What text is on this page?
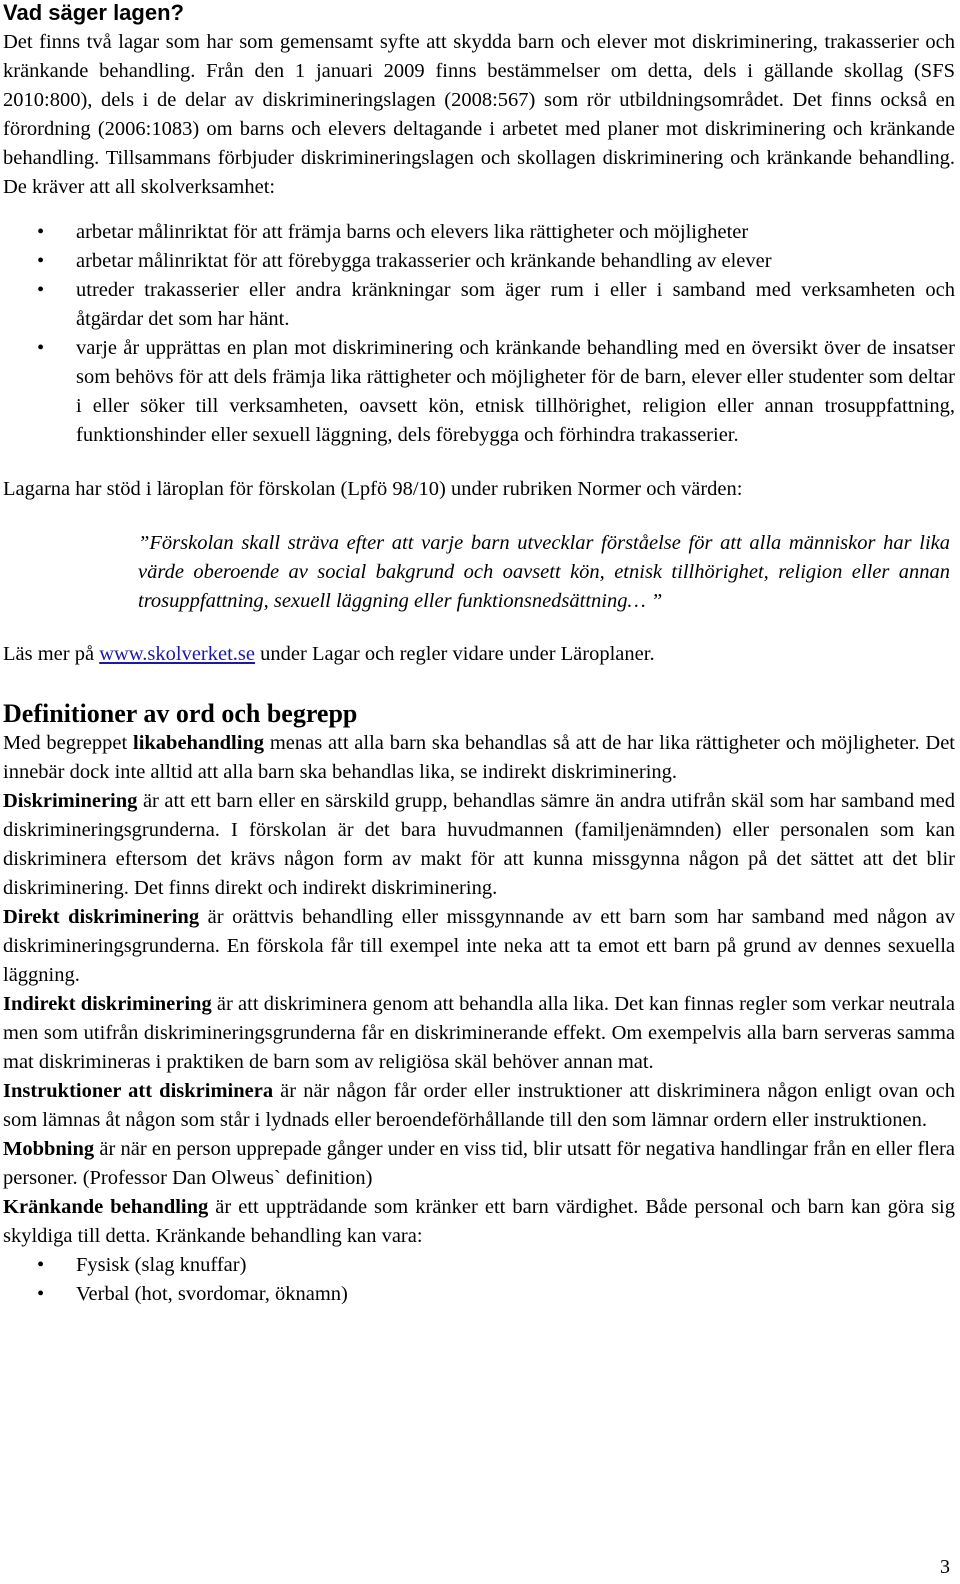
Vad säger lagen?

Det finns två lagar som har som gemensamt syfte att skydda barn och elever mot diskriminering, trakasserier och kränkande behandling. Från den 1 januari 2009 finns bestämmelser om detta, dels i gällande skollag (SFS 2010:800), dels i de delar av diskrimineringslagen (2008:567) som rör utbildningsområdet. Det finns också en förordning (2006:1083) om barns och elevers deltagande i arbetet med planer mot diskriminering och kränkande behandling. Tillsammans förbjuder diskrimineringslagen och skollagen diskriminering och kränkande behandling. De kräver att all skolverksamhet:

• arbetar målinriktat för att främja barns och elevers lika rättigheter och möjligheter
• arbetar målinriktat för att förebygga trakasserier och kränkande behandling av elever
• utreder trakasserier eller andra kränkningar som äger rum i eller i samband med verksamheten och åtgärdar det som har hänt.
• varje år upprättas en plan mot diskriminering och kränkande behandling med en översikt över de insatser som behövs för att dels främja lika rättigheter och möjligheter för de barn, elever eller studenter som deltar i eller söker till verksamheten, oavsett kön, etnisk tillhörighet, religion eller annan trosuppfattning, funktionshinder eller sexuell läggning, dels förebygga och förhindra trakasserier.

Lagarna har stöd i läroplan för förskolan (Lpfö 98/10) under rubriken Normer och värden:

”Förskolan skall sträva efter att varje barn utvecklar förståelse för att alla människor har lika värde oberoende av social bakgrund och oavsett kön, etnisk tillhörighet, religion eller annan trosuppfattning, sexuell läggning eller funktionsnedsättning… ”

Läs mer på www.skolverket.se under Lagar och regler vidare under Läroplaner.

Definitioner av ord och begrepp

Med begreppet likabehandling menas att alla barn ska behandlas så att de har lika rättigheter och möjligheter. Det innebär dock inte alltid att alla barn ska behandlas lika, se indirekt diskriminering.

Diskriminering är att ett barn eller en särskild grupp, behandlas sämre än andra utifrån skäl som har samband med diskrimineringsgrunderna. I förskolan är det bara huvudmannen (familjenämnden) eller personalen som kan diskriminera eftersom det krävs någon form av makt för att kunna missgynna någon på det sättet att det blir diskriminering. Det finns direkt och indirekt diskriminering.

Direkt diskriminering är orättvis behandling eller missgynnande av ett barn som har samband med någon av diskrimineringsgrunderna. En förskola får till exempel inte neka att ta emot ett barn på grund av dennes sexuella läggning.

Indirekt diskriminering är att diskriminera genom att behandla alla lika. Det kan finnas regler som verkar neutrala men som utifrån diskrimineringsgrunderna får en diskriminerande effekt. Om exempelvis alla barn serveras samma mat diskrimineras i praktiken de barn som av religiösa skäl behöver annan mat.

Instruktioner att diskriminera är när någon får order eller instruktioner att diskriminera någon enligt ovan och som lämnas åt någon som står i lydnads eller beroendeförhållande till den som lämnar ordern eller instruktionen.

Mobbning är när en person upprepade gånger under en viss tid, blir utsatt för negativa handlingar från en eller flera personer. (Professor Dan Olweus` definition)

Kränkande behandling är ett uppträdande som kränker ett barn värdighet. Både personal och barn kan göra sig skyldiga till detta. Kränkande behandling kan vara:

• Fysisk (slag knuffar)
• Verbal (hot, svordomar, öknamn)
3
